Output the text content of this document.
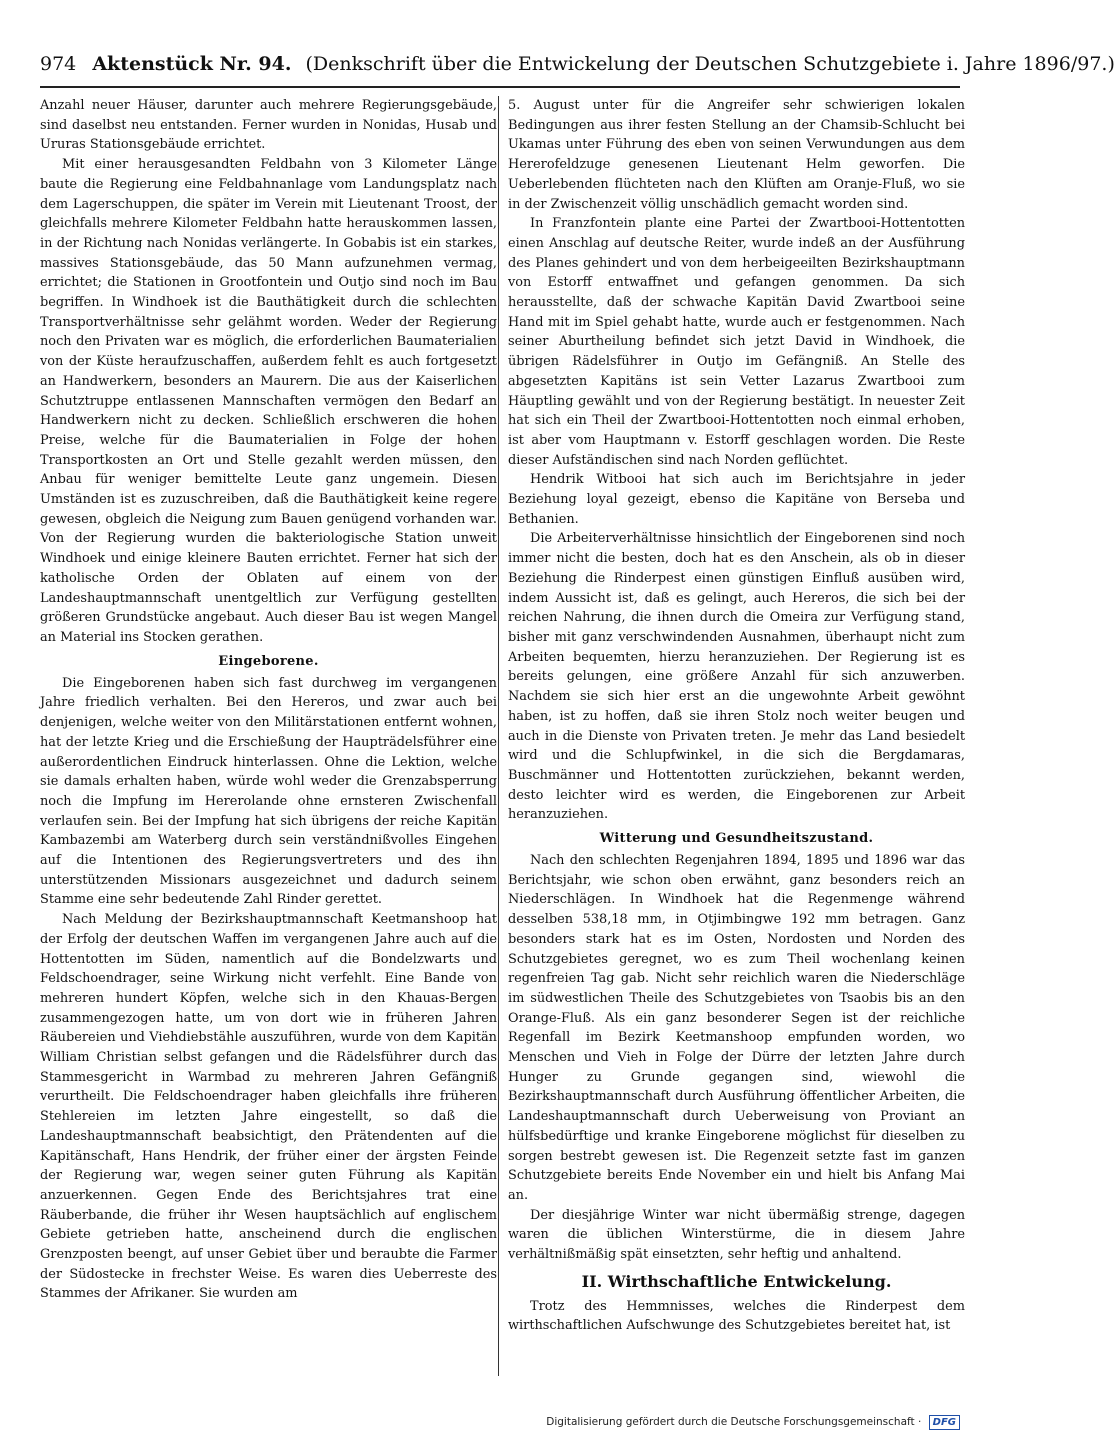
974 Aktenstück Nr. 94. (Denkschrift über die Entwickelung der Deutschen Schutzgebiete i. Jahre 1896/97.)

Anzahl neuer Häuser, darunter auch mehrere Regierungsgebäude, sind daselbst neu entstanden. Ferner wurden in Nonidas, Husab und Ururas Stationsgebäude errichtet.

Mit einer herausgesandten Feldbahn von 3 Kilometer Länge baute die Regierung eine Feldbahnanlage vom Landungsplatz nach dem Lagerschuppen, die später im Verein mit Lieutenant Troost, der gleichfalls mehrere Kilometer Feldbahn hatte herauskommen lassen, in der Richtung nach Nonidas verlängerte. In Gobabis ist ein starkes, massives Stationsgebäude, das 50 Mann aufzunehmen vermag, errichtet; die Stationen in Grootfontein und Outjo sind noch im Bau begriffen. In Windhoek ist die Bauthätigkeit durch die schlechten Transportverhältnisse sehr gelähmt worden. Weder der Regierung noch den Privaten war es möglich, die erforderlichen Baumaterialien von der Küste heraufzuschaffen, außerdem fehlt es auch fortgesetzt an Handwerkern, besonders an Maurern. Die aus der Kaiserlichen Schutztruppe entlassenen Mannschaften vermögen den Bedarf an Handwerkern nicht zu decken. Schließlich erschweren die hohen Preise, welche für die Baumaterialien in Folge der hohen Transportkosten an Ort und Stelle gezahlt werden müssen, den Anbau für weniger bemittelte Leute ganz ungemein. Diesen Umständen ist es zuzuschreiben, daß die Bauthätigkeit keine regere gewesen, obgleich die Neigung zum Bauen genügend vorhanden war. Von der Regierung wurden die bakteriologische Station unweit Windhoek und einige kleinere Bauten errichtet. Ferner hat sich der katholische Orden der Oblaten auf einem von der Landeshauptmannschaft unentgeltlich zur Verfügung gestellten größeren Grundstücke angebaut. Auch dieser Bau ist wegen Mangel an Material ins Stocken gerathen.

Eingeborene.

Die Eingeborenen haben sich fast durchweg im vergangenen Jahre friedlich verhalten. Bei den Hereros, und zwar auch bei denjenigen, welche weiter von den Militärstationen entfernt wohnen, hat der letzte Krieg und die Erschießung der Haupträdelsführer eine außerordentlichen Eindruck hinterlassen. Ohne die Lektion, welche sie damals erhalten haben, würde wohl weder die Grenzabsperrung noch die Impfung im Hererolande ohne ernsteren Zwischenfall verlaufen sein. Bei der Impfung hat sich übrigens der reiche Kapitän Kambazembi am Waterberg durch sein verständnißvolles Eingehen auf die Intentionen des Regierungsvertreters und des ihn unterstützenden Missionars ausgezeichnet und dadurch seinem Stamme eine sehr bedeutende Zahl Rinder gerettet.

Nach Meldung der Bezirkshauptmannschaft Keetmanshoop hat der Erfolg der deutschen Waffen im vergangenen Jahre auch auf die Hottentotten im Süden, namentlich auf die Bondelzwarts und Feldschoendrager, seine Wirkung nicht verfehlt. Eine Bande von mehreren hundert Köpfen, welche sich in den Khauas-Bergen zusammengezogen hatte, um von dort wie in früheren Jahren Räubereien und Viehdiebstähle auszuführen, wurde von dem Kapitän William Christian selbst gefangen und die Rädelsführer durch das Stammesgericht in Warmbad zu mehreren Jahren Gefängniß verurtheilt. Die Feldschoendrager haben gleichfalls ihre früheren Stehlereien im letzten Jahre eingestellt, so daß die Landeshauptmannschaft beabsichtigt, den Prätendenten auf die Kapitänschaft, Hans Hendrik, der früher einer der ärgsten Feinde der Regierung war, wegen seiner guten Führung als Kapitän anzuerkennen. Gegen Ende des Berichtsjahres trat eine Räuberbande, die früher ihr Wesen hauptsächlich auf englischem Gebiete getrieben hatte, anscheinend durch die englischen Grenzposten beengt, auf unser Gebiet über und beraubte die Farmer der Südostecke in frechster Weise. Es waren dies Ueberreste des Stammes der Afrikaner. Sie wurden am

5. August unter für die Angreifer sehr schwierigen lokalen Bedingungen aus ihrer festen Stellung an der Chamsib-Schlucht bei Ukamas unter Führung des eben von seinen Verwundungen aus dem Hererofeldzuge genesenen Lieutenant Helm geworfen. Die Ueberlebenden flüchteten nach den Klüften am Oranje-Fluß, wo sie in der Zwischenzeit völlig unschädlich gemacht worden sind.

In Franzfontein plante eine Partei der Zwartbooi-Hottentotten einen Anschlag auf deutsche Reiter, wurde indeß an der Ausführung des Planes gehindert und von dem herbeigeeilten Bezirkshauptmann von Estorff entwaffnet und gefangen genommen. Da sich herausstellte, daß der schwache Kapitän David Zwartbooi seine Hand mit im Spiel gehabt hatte, wurde auch er festgenommen. Nach seiner Aburtheilung befindet sich jetzt David in Windhoek, die übrigen Rädelsführer in Outjo im Gefängniß. An Stelle des abgesetzten Kapitäns ist sein Vetter Lazarus Zwartbooi zum Häuptling gewählt und von der Regierung bestätigt. In neuester Zeit hat sich ein Theil der Zwartbooi-Hottentotten noch einmal erhoben, ist aber vom Hauptmann v. Estorff geschlagen worden. Die Reste dieser Aufständischen sind nach Norden geflüchtet.

Hendrik Witbooi hat sich auch im Berichtsjahre in jeder Beziehung loyal gezeigt, ebenso die Kapitäne von Berseba und Bethanien.

Die Arbeiterverhältnisse hinsichtlich der Eingeborenen sind noch immer nicht die besten, doch hat es den Anschein, als ob in dieser Beziehung die Rinderpest einen günstigen Einfluß ausüben wird, indem Aussicht ist, daß es gelingt, auch Hereros, die sich bei der reichen Nahrung, die ihnen durch die Omeira zur Verfügung stand, bisher mit ganz verschwindenden Ausnahmen, überhaupt nicht zum Arbeiten bequemten, hierzu heranzuziehen. Der Regierung ist es bereits gelungen, eine größere Anzahl für sich anzuwerben. Nachdem sie sich hier erst an die ungewohnte Arbeit gewöhnt haben, ist zu hoffen, daß sie ihren Stolz noch weiter beugen und auch in die Dienste von Privaten treten. Je mehr das Land besiedelt wird und die Schlupfwinkel, in die sich die Bergdamaras, Buschmänner und Hottentotten zurückziehen, bekannt werden, desto leichter wird es werden, die Eingeborenen zur Arbeit heranzuziehen.

Witterung und Gesundheitszustand.

Nach den schlechten Regenjahren 1894, 1895 und 1896 war das Berichtsjahr, wie schon oben erwähnt, ganz besonders reich an Niederschlägen. In Windhoek hat die Regenmenge während desselben 538,18 mm, in Otjimbingwe 192 mm betragen. Ganz besonders stark hat es im Osten, Nordosten und Norden des Schutzgebietes geregnet, wo es zum Theil wochenlang keinen regenfreien Tag gab. Nicht sehr reichlich waren die Niederschläge im südwestlichen Theile des Schutzgebietes von Tsaobis bis an den Orange-Fluß. Als ein ganz besonderer Segen ist der reichliche Regenfall im Bezirk Keetmanshoop empfunden worden, wo Menschen und Vieh in Folge der Dürre der letzten Jahre durch Hunger zu Grunde gegangen sind, wiewohl die Bezirkshauptmannschaft durch Ausführung öffentlicher Arbeiten, die Landeshauptmannschaft durch Ueberweisung von Proviant an hülfsbedürftige und kranke Eingeborene möglichst für dieselben zu sorgen bestrebt gewesen ist. Die Regenzeit setzte fast im ganzen Schutzgebiete bereits Ende November ein und hielt bis Anfang Mai an.

Der diesjährige Winter war nicht übermäßig strenge, dagegen waren die üblichen Winterstürme, die in diesem Jahre verhältnißmäßig spät einsetzten, sehr heftig und anhaltend.

II. Wirthschaftliche Entwickelung.

Trotz des Hemmnisses, welches die Rinderpest dem wirthschaftlichen Aufschwunge des Schutzgebietes bereitet hat, ist

Digitalisierung gefördert durch die Deutsche Forschungsgemeinschaft · DFG
